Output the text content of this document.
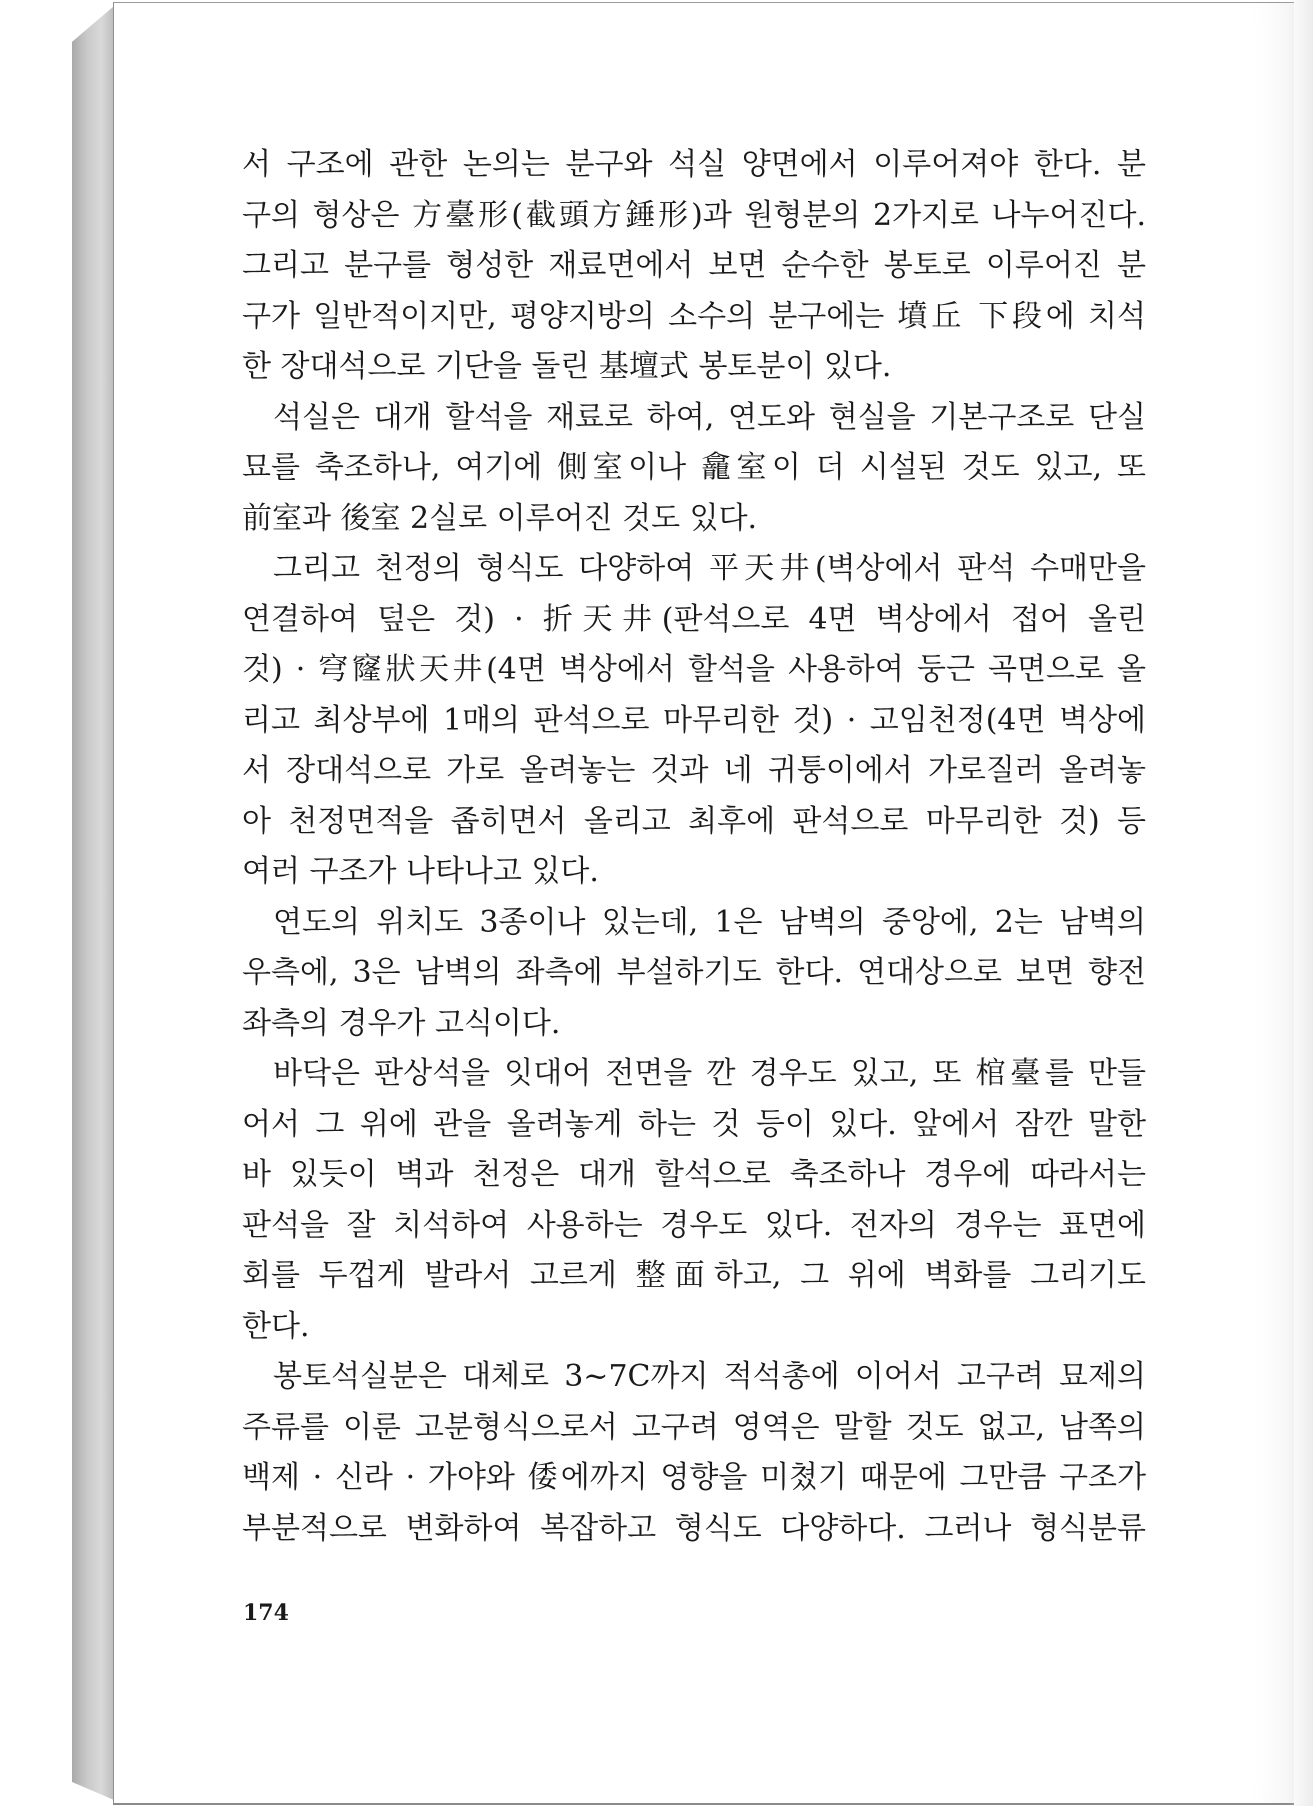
서 구조에 관한 논의는 분구와 석실 양면에서 이루어져야 한다. 분
구의 형상은 方臺形(截頭方錘形)과 원형분의 2가지로 나누어진다.
그리고 분구를 형성한 재료면에서 보면 순수한 봉토로 이루어진 분
구가 일반적이지만, 평양지방의 소수의 분구에는 墳丘 下段에 치석
한 장대석으로 기단을 돌린 基壇式 봉토분이 있다.
석실은 대개 할석을 재료로 하여, 연도와 현실을 기본구조로 단실
묘를 축조하나, 여기에 側室이나 龕室이 더 시설된 것도 있고, 또
前室과 後室 2실로 이루어진 것도 있다.
그리고 천정의 형식도 다양하여 平天井(벽상에서 판석 수매만을
연결하여 덮은 것) · 折天井(판석으로 4면 벽상에서 접어 올린
것) · 穹窿狀天井(4면 벽상에서 할석을 사용하여 둥근 곡면으로 올
리고 최상부에 1매의 판석으로 마무리한 것) · 고임천정(4면 벽상에
서 장대석으로 가로 올려놓는 것과 네 귀퉁이에서 가로질러 올려놓
아 천정면적을 좁히면서 올리고 최후에 판석으로 마무리한 것) 등
여러 구조가 나타나고 있다.
연도의 위치도 3종이나 있는데, 1은 남벽의 중앙에, 2는 남벽의
우측에, 3은 남벽의 좌측에 부설하기도 한다. 연대상으로 보면 향전
좌측의 경우가 고식이다.
바닥은 판상석을 잇대어 전면을 깐 경우도 있고, 또 棺臺를 만들
어서 그 위에 관을 올려놓게 하는 것 등이 있다. 앞에서 잠깐 말한
바 있듯이 벽과 천정은 대개 할석으로 축조하나 경우에 따라서는
판석을 잘 치석하여 사용하는 경우도 있다. 전자의 경우는 표면에
회를 두껍게 발라서 고르게 整面하고, 그 위에 벽화를 그리기도
한다.
봉토석실분은 대체로 3~7C까지 적석총에 이어서 고구려 묘제의
주류를 이룬 고분형식으로서 고구려 영역은 말할 것도 없고, 남쪽의
백제 · 신라 · 가야와 倭에까지 영향을 미쳤기 때문에 그만큼 구조가
부분적으로 변화하여 복잡하고 형식도 다양하다. 그러나 형식분류
174
